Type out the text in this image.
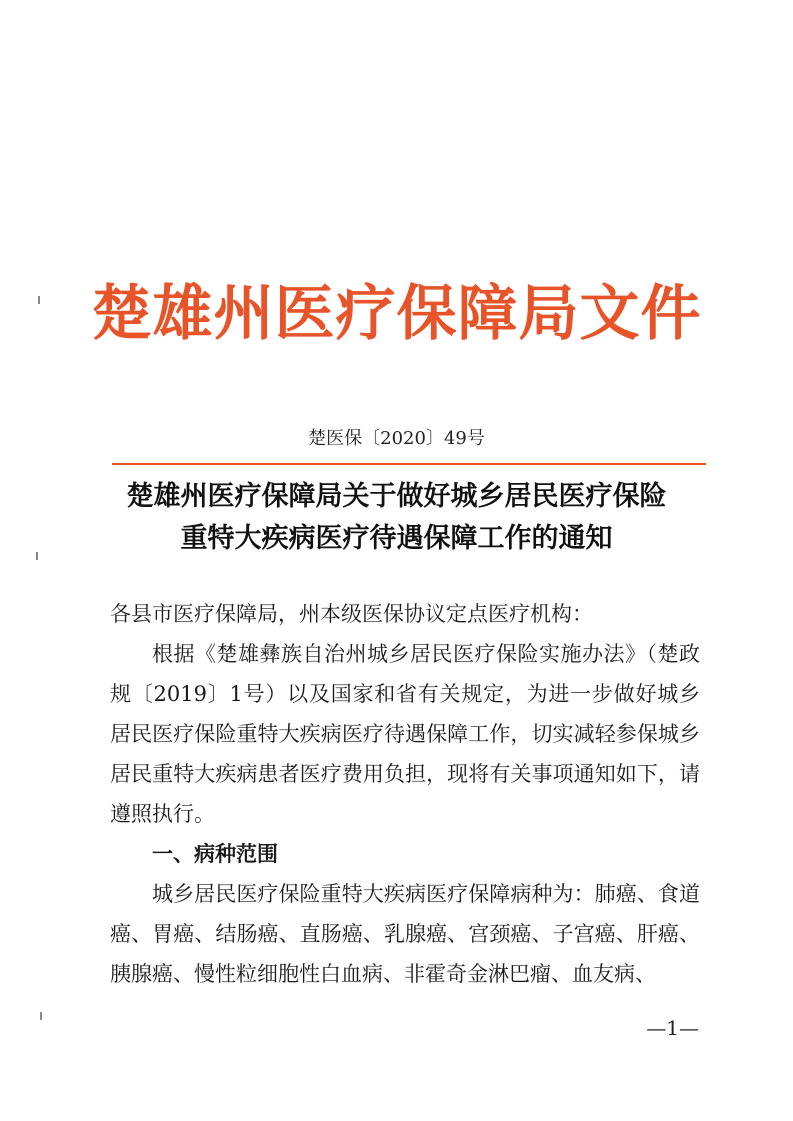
楚雄州医疗保障局文件
楚医保〔2020〕49号
楚雄州医疗保障局关于做好城乡居民医疗保险
重特大疾病医疗待遇保障工作的通知

各县市医疗保障局，州本级医保协议定点医疗机构：

根据《楚雄彝族自治州城乡居民医疗保险实施办法》（楚政规〔2019〕1号）以及国家和省有关规定，为进一步做好城乡居民医疗保险重特大疾病医疗待遇保障工作，切实减轻参保城乡居民重特大疾病患者医疗费用负担，现将有关事项通知如下，请遵照执行。

一、病种范围

城乡居民医疗保险重特大疾病医疗保障病种为：肺癌、食道癌、胃癌、结肠癌、直肠癌、乳腺癌、宫颈癌、子宫癌、肝癌、胰腺癌、慢性粒细胞性白血病、非霍奇金淋巴瘤、血友病、

—1—
